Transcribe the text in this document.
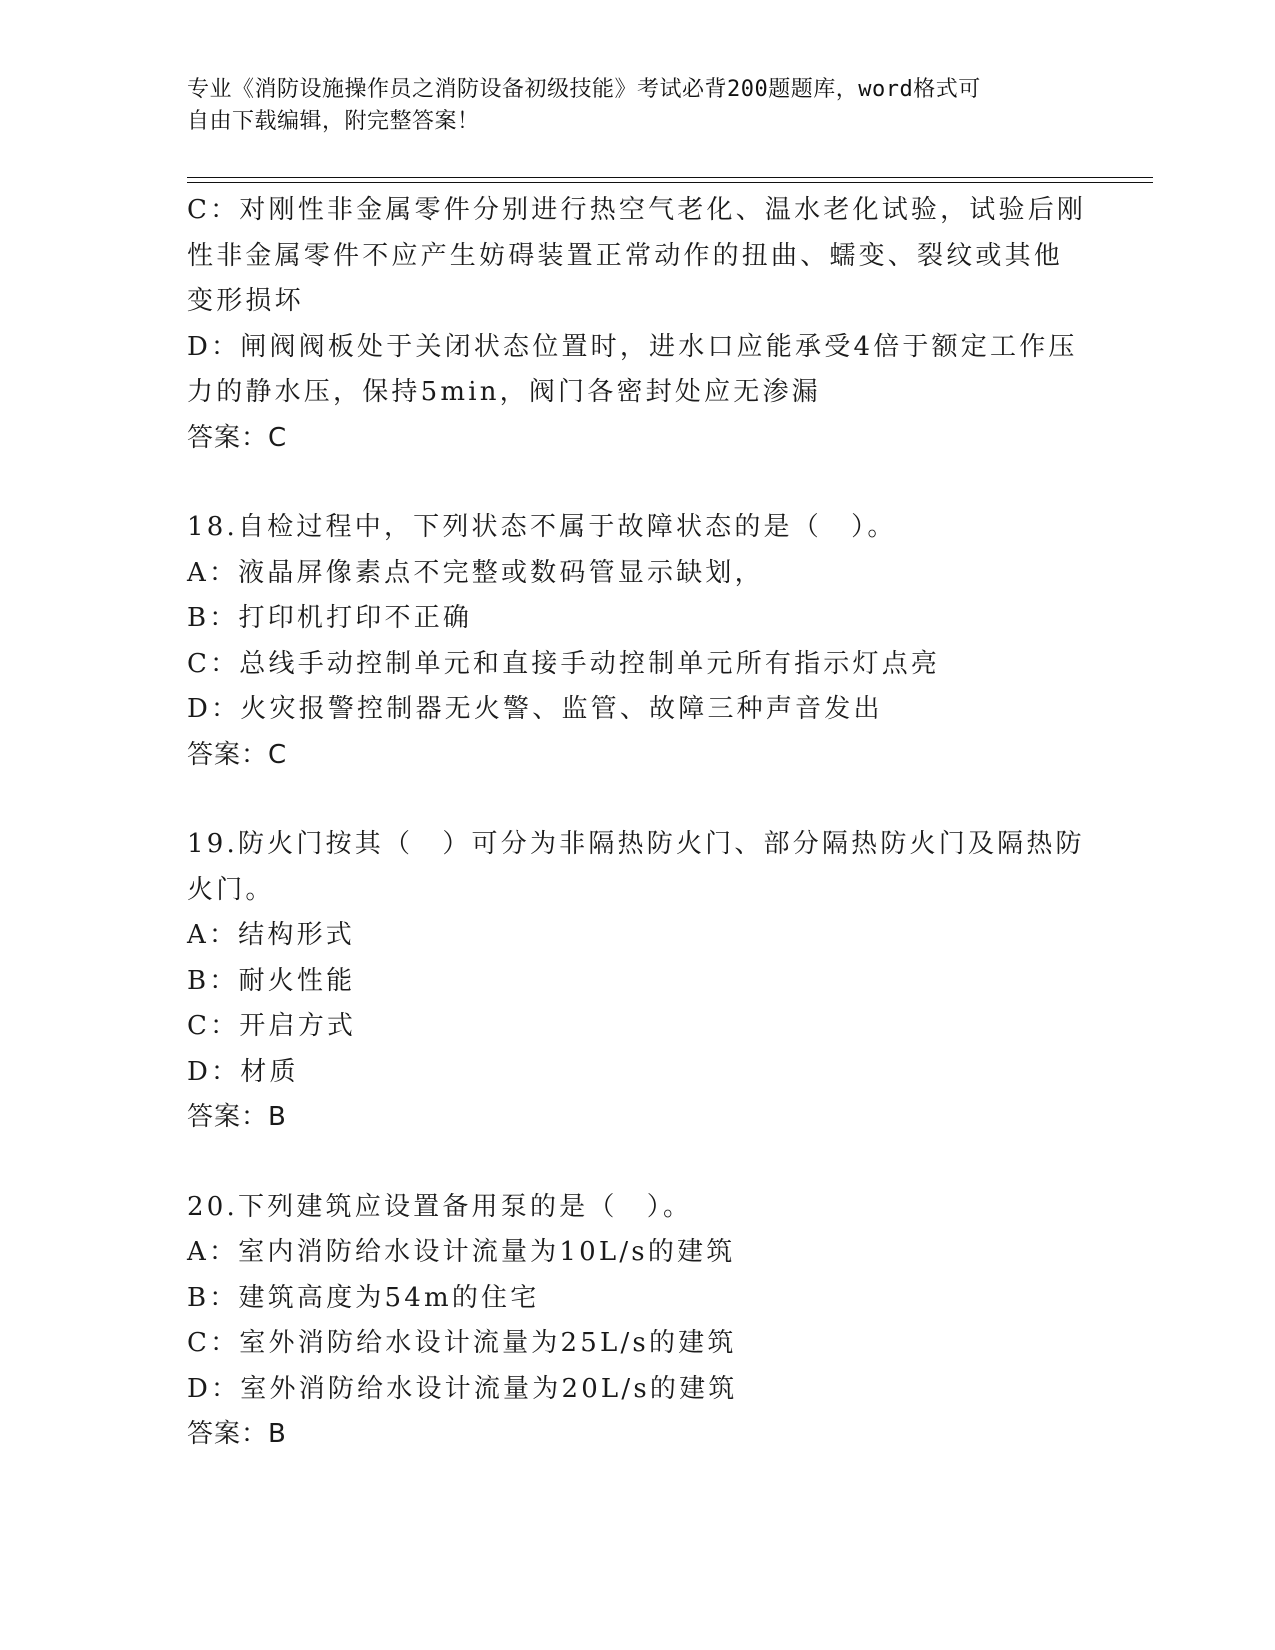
专业《消防设施操作员之消防设备初级技能》考试必背200题题库，word格式可
自由下载编辑，附完整答案！
C：对刚性非金属零件分别进行热空气老化、温水老化试验，试验后刚
性非金属零件不应产生妨碍装置正常动作的扭曲、蠕变、裂纹或其他
变形损坏
D：闸阀阀板处于关闭状态位置时，进水口应能承受4倍于额定工作压
力的静水压，保持5min，阀门各密封处应无渗漏
答案：C
18.自检过程中，下列状态不属于故障状态的是（　）。
A：液晶屏像素点不完整或数码管显示缺划，
B：打印机打印不正确
C：总线手动控制单元和直接手动控制单元所有指示灯点亮
D：火灾报警控制器无火警、监管、故障三种声音发出
答案：C
19.防火门按其（　）可分为非隔热防火门、部分隔热防火门及隔热防
火门。
A：结构形式
B：耐火性能
C：开启方式
D：材质
答案：B
20.下列建筑应设置备用泵的是（　）。
A：室内消防给水设计流量为10L/s的建筑
B：建筑高度为54m的住宅
C：室外消防给水设计流量为25L/s的建筑
D：室外消防给水设计流量为20L/s的建筑
答案：B
